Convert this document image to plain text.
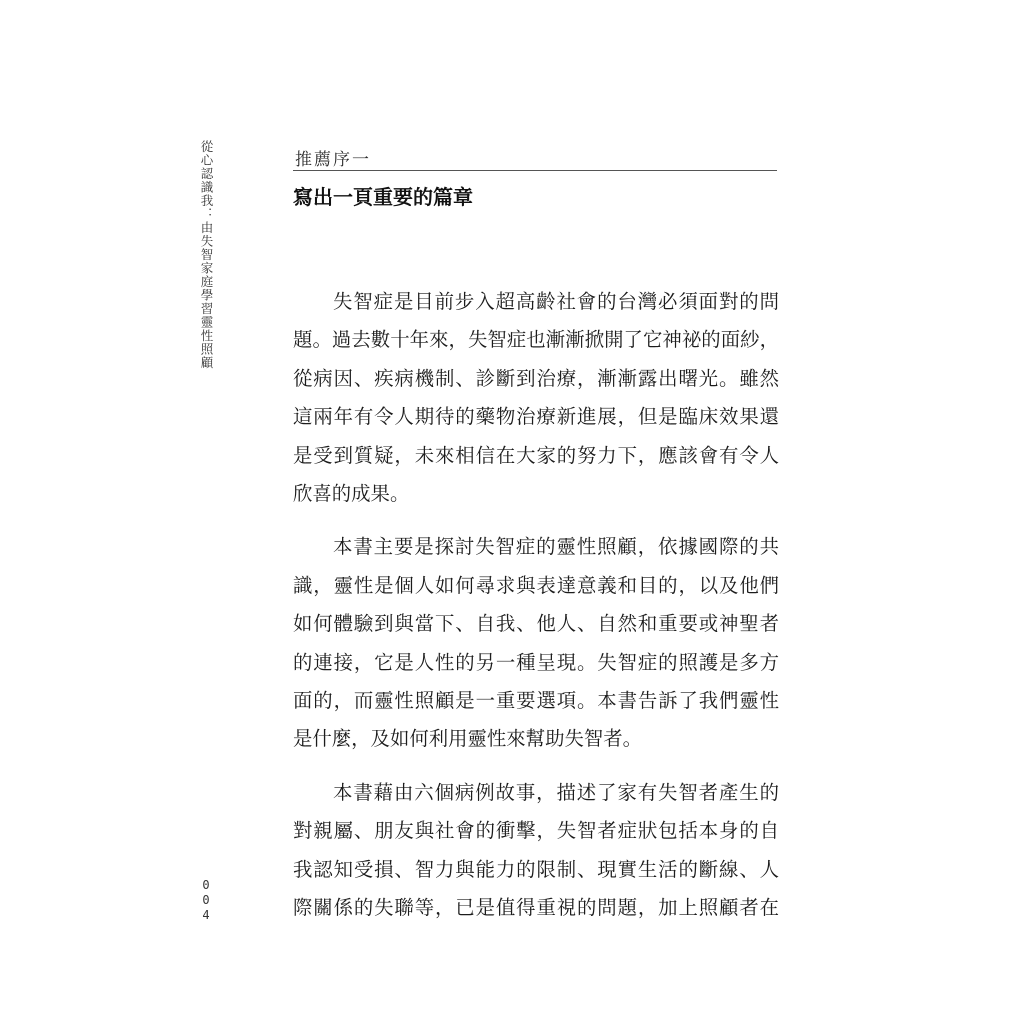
從心認識我：由失智家庭學習靈性照顧
004
推薦序一
寫出一頁重要的篇章
失智症是目前步入超高齡社會的台灣必須面對的問
題。過去數十年來，失智症也漸漸掀開了它神祕的面紗，
從病因、疾病機制、診斷到治療，漸漸露出曙光。雖然
這兩年有令人期待的藥物治療新進展，但是臨床效果還
是受到質疑，未來相信在大家的努力下，應該會有令人
欣喜的成果。
本書主要是探討失智症的靈性照顧，依據國際的共
識，靈性是個人如何尋求與表達意義和目的，以及他們
如何體驗到與當下、自我、他人、自然和重要或神聖者
的連接，它是人性的另一種呈現。失智症的照護是多方
面的，而靈性照顧是一重要選項。本書告訴了我們靈性
是什麼，及如何利用靈性來幫助失智者。
本書藉由六個病例故事，描述了家有失智者產生的
對親屬、朋友與社會的衝擊，失智者症狀包括本身的自
我認知受損、智力與能力的限制、現實生活的斷線、人
際關係的失聯等，已是值得重視的問題，加上照顧者在
